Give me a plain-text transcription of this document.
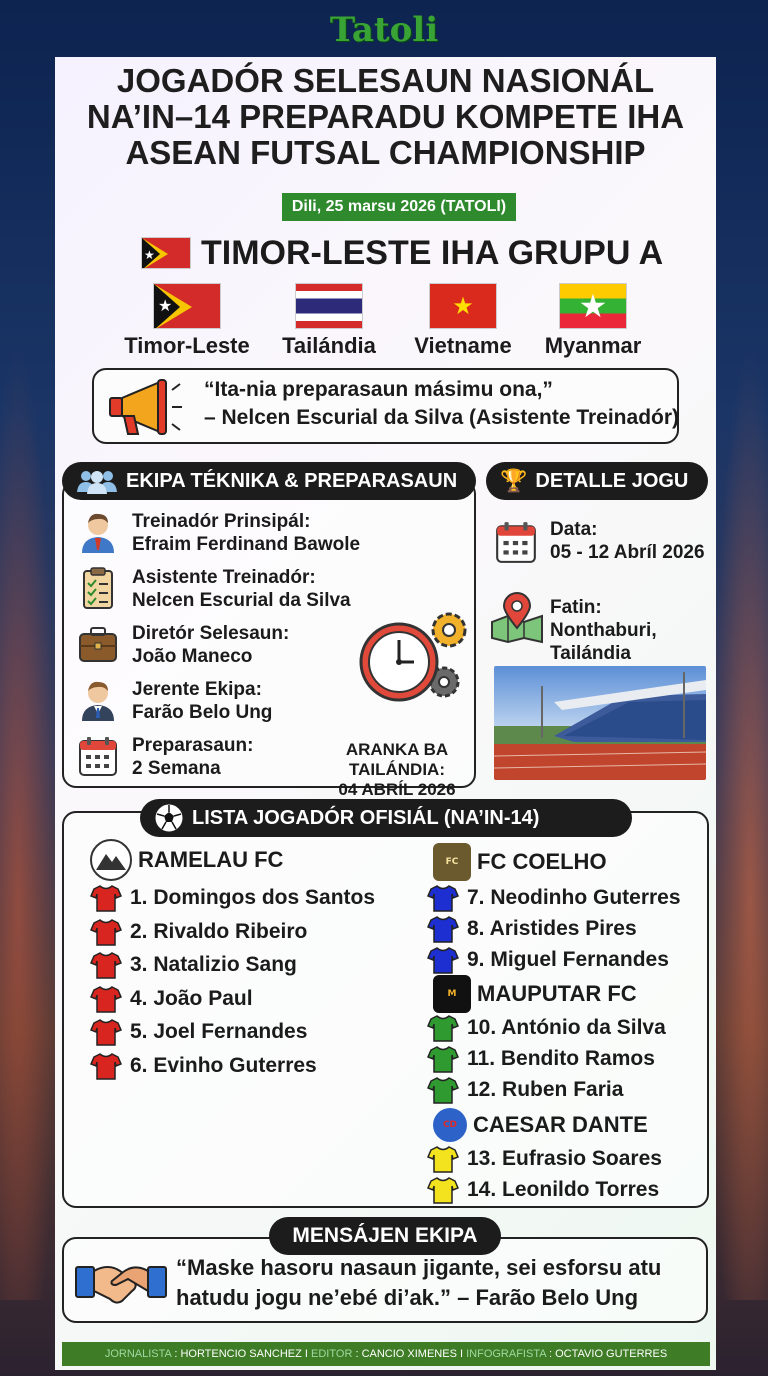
Tatoli
JOGADÓR SELESAUN NASIONÁL
NA’IN–14 PREPARADU KOMPETE IHA
ASEAN FUTSAL CHAMPIONSHIP
Dili, 25 marsu 2026 (TATOLI)
★ TIMOR-LESTE IHA GRUPU A
★
Timor-Leste	Tailándia
★
Vietname
★
Myanmar
“Ita-nia preparasaun másimu ona,”
– Nelcen Escurial da Silva (Asistente Treinadór)
Treinadór Prinsipál:
Efraim Ferdinand Bawole
Asistente Treinadór:
Nelcen Escurial da Silva
Diretór Selesaun:
João Maneco
Jerente Ekipa:
Farão Belo Ung
Preparasaun:
2 Semana
ARANKA BA
TAILÁNDIA:
04 ABRÍL 2026
EKIPA TÉKNIKA & PREPARASAUN
Data:
05 - 12 Abríl 2026
Fatin:
Nonthaburi,
Tailándia
🏆 DETALLE JOGU
LISTA JOGADÓR OFISIÁL (NA’IN-14)
RAMELAU FC	FC FC COELHO
M MAUPUTAR FC
CD CAESAR DANTE
1. Domingos dos Santos
2. Rivaldo Ribeiro
3. Natalizio Sang
4. João Paul
5. Joel Fernandes
6. Evinho Guterres
7. Neodinho Guterres
8. Aristides Pires
9. Miguel Fernandes
10. António da Silva
11. Bendito Ramos
12. Ruben Faria
13. Eufrasio Soares
14. Leonildo Torres
“Maske hasoru nasaun jigante, sei esforsu atu
hatudu jogu ne’ebé di’ak.” – Farão Belo Ung
MENSÁJEN EKIPA
JORNALISTA : HORTENCIO SANCHEZ I EDITOR : CANCIO XIMENES I INFOGRAFISTA : OCTAVIO GUTERRES
